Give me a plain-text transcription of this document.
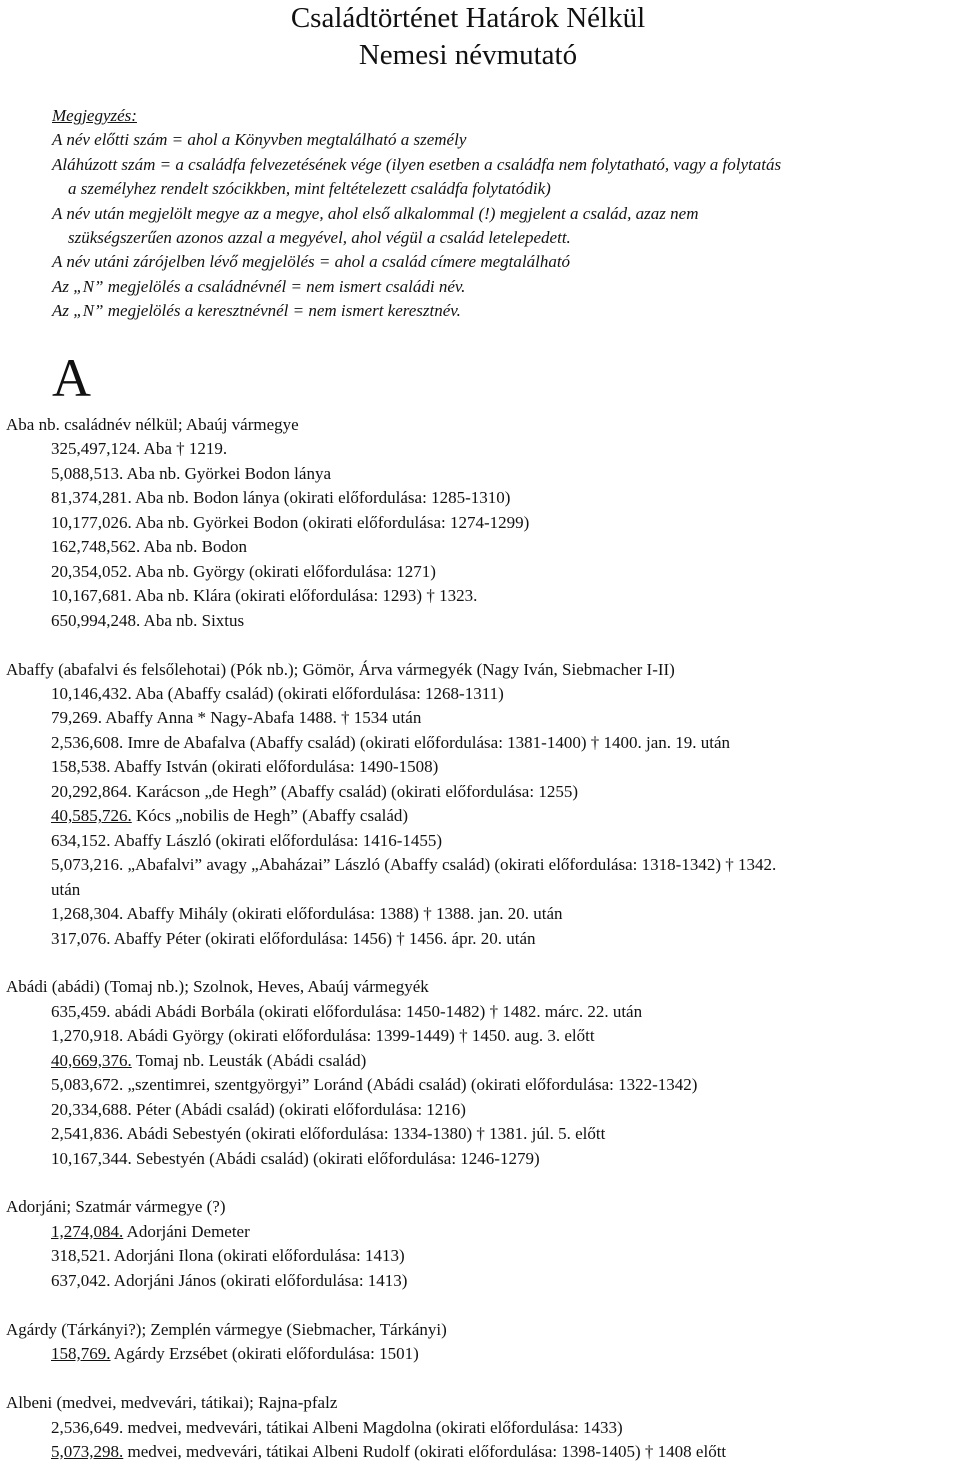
Családtörténet Határok Nélkül
Nemesi névmutató
Megjegyzés:
A név előtti szám = ahol a Könyvben megtalálható a személy
Aláhúzott szám = a családfa felvezetésének vége (ilyen esetben a családfa nem folytatható, vagy a folytatás
a személyhez rendelt szócikkben, mint feltételezett családfa folytatódik)
A név után megjelölt megye az a megye, ahol első alkalommal (!) megjelent a család, azaz nem
szükségszerűen azonos azzal a megyével, ahol végül a család letelepedett.
A név utáni zárójelben lévő megjelölés = ahol a család címere megtalálható
Az „N” megjelölés a családnévnél = nem ismert családi név.
Az „N” megjelölés a keresztnévnél = nem ismert keresztnév.
A
Aba nb. családnév nélkül; Abaúj vármegye
325,497,124. Aba † 1219.
5,088,513. Aba nb. Györkei Bodon lánya
81,374,281. Aba nb. Bodon lánya (okirati előfordulása: 1285-1310)
10,177,026. Aba nb. Györkei Bodon (okirati előfordulása: 1274-1299)
162,748,562. Aba nb. Bodon
20,354,052. Aba nb. György (okirati előfordulása: 1271)
10,167,681. Aba nb. Klára (okirati előfordulása: 1293) † 1323.
650,994,248. Aba nb. Sixtus
Abaffy (abafalvi és felsőlehotai) (Pók nb.); Gömör, Árva vármegyék (Nagy Iván, Siebmacher I-II)
10,146,432. Aba (Abaffy család) (okirati előfordulása: 1268-1311)
79,269. Abaffy Anna * Nagy-Abafa 1488. † 1534 után
2,536,608. Imre de Abafalva (Abaffy család) (okirati előfordulása: 1381-1400) † 1400. jan. 19. után
158,538. Abaffy István (okirati előfordulása: 1490-1508)
20,292,864. Karácson „de Hegh” (Abaffy család) (okirati előfordulása: 1255)
40,585,726. Kócs „nobilis de Hegh” (Abaffy család)
634,152. Abaffy László (okirati előfordulása: 1416-1455)
5,073,216. „Abafalvi” avagy „Abaházai” László (Abaffy család) (okirati előfordulása: 1318-1342) † 1342.
után
1,268,304. Abaffy Mihály (okirati előfordulása: 1388) † 1388. jan. 20. után
317,076. Abaffy Péter (okirati előfordulása: 1456) † 1456. ápr. 20. után
Abádi (abádi) (Tomaj nb.); Szolnok, Heves, Abaúj vármegyék
635,459. abádi Abádi Borbála (okirati előfordulása: 1450-1482) † 1482. márc. 22. után
1,270,918. Abádi György (okirati előfordulása: 1399-1449) † 1450. aug. 3. előtt
40,669,376. Tomaj nb. Leusták (Abádi család)
5,083,672. „szentimrei, szentgyörgyi” Loránd (Abádi család) (okirati előfordulása: 1322-1342)
20,334,688. Péter (Abádi család) (okirati előfordulása: 1216)
2,541,836. Abádi Sebestyén (okirati előfordulása: 1334-1380) † 1381. júl. 5. előtt
10,167,344. Sebestyén (Abádi család) (okirati előfordulása: 1246-1279)
Adorjáni; Szatmár vármegye (?)
1,274,084. Adorjáni Demeter
318,521. Adorjáni Ilona (okirati előfordulása: 1413)
637,042. Adorjáni János (okirati előfordulása: 1413)
Agárdy (Tárkányi?); Zemplén vármegye (Siebmacher, Tárkányi)
158,769. Agárdy Erzsébet (okirati előfordulása: 1501)
Albeni (medvei, medvevári, tátikai); Rajna-pfalz
2,536,649. medvei, medvevári, tátikai Albeni Magdolna (okirati előfordulása: 1433)
5,073,298. medvei, medvevári, tátikai Albeni Rudolf (okirati előfordulása: 1398-1405) † 1408 előtt
